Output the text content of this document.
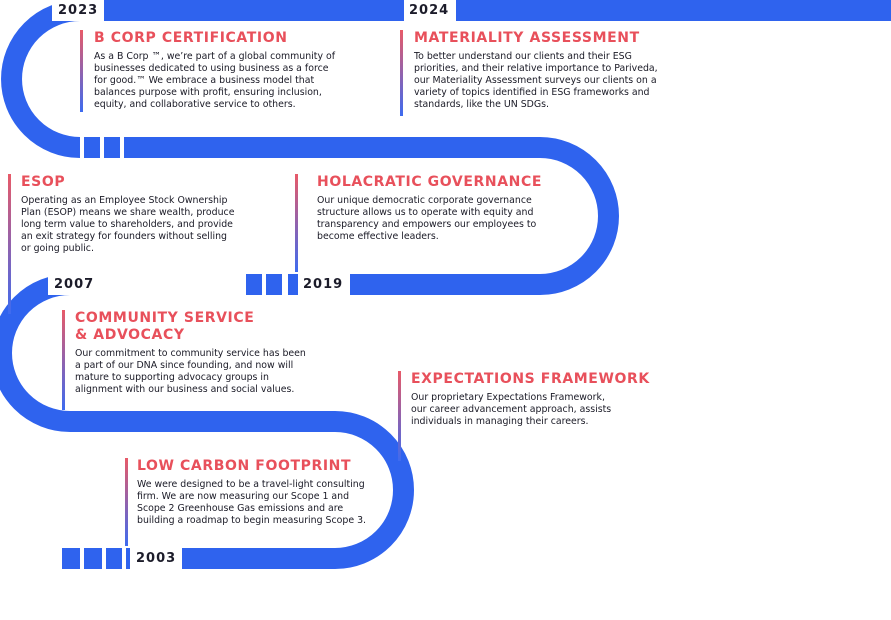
2023	2024
2007	2019
2003

B CORP CERTIFICATION

As a B Corp ™, we’re part of a global community of businesses dedicated to using business as a force for good.™ We embrace a business model that balances purpose with profit, ensuring inclusion, equity, and collaborative service to others.

MATERIALITY ASSESSMENT

To better understand our clients and their ESG priorities, and their relative importance to Pariveda, our Materiality Assessment surveys our clients on a variety of topics identified in ESG frameworks and standards, like the UN SDGs.

ESOP

Operating as an Employee Stock Ownership Plan (ESOP) means we share wealth, produce long term value to shareholders, and provide an exit strategy for founders without selling or going public.

HOLACRATIC GOVERNANCE

Our unique democratic corporate governance structure allows us to operate with equity and transparency and empowers our employees to become effective leaders.

COMMUNITY SERVICE & ADVOCACY

Our commitment to community service has been a part of our DNA since founding, and now will mature to supporting advocacy groups in alignment with our business and social values.

EXPECTATIONS FRAMEWORK

Our proprietary Expectations Framework, our career advancement approach, assists individuals in managing their careers.

LOW CARBON FOOTPRINT

We were designed to be a travel-light consulting firm. We are now measuring our Scope 1 and Scope 2 Greenhouse Gas emissions and are building a roadmap to begin measuring Scope 3.
